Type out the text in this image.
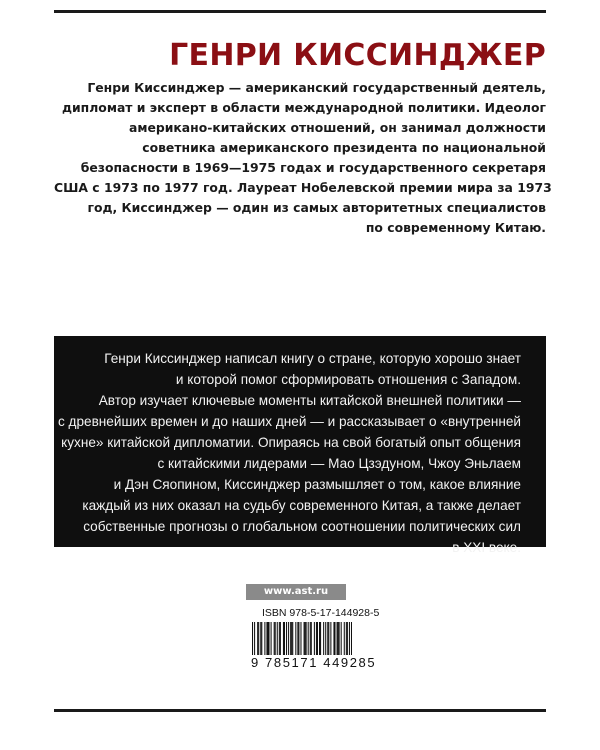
ГЕНРИ КИССИНДЖЕР
Генри Киссинджер — американский государственный деятель,
дипломат и эксперт в области международной политики. Идеолог
американо-китайских отношений, он занимал должности
советника американского президента по национальной
безопасности в 1969—1975 годах и государственного секретаря
США с 1973 по 1977 год. Лауреат Нобелевской премии мира за 1973
год, Киссинджер — один из самых авторитетных специалистов
по современному Китаю.
Генри Киссинджер написал книгу о стране, которую хорошо знает
и которой помог сформировать отношения с Западом.
Автор изучает ключевые моменты китайской внешней политики —
с древнейших времен и до наших дней — и рассказывает о «внутренней
кухне» китайской дипломатии. Опираясь на свой богатый опыт общения
с китайскими лидерами — Мао Цзэдуном, Чжоу Эньлаем
и Дэн Сяопином, Киссинджер размышляет о том, какое влияние
каждый из них оказал на судьбу современного Китая, а также делает
собственные прогнозы о глобальном соотношении политических сил
в XXI веке.
www.ast.ru
ISBN 978-5-17-144928-5
9 785171 449285
